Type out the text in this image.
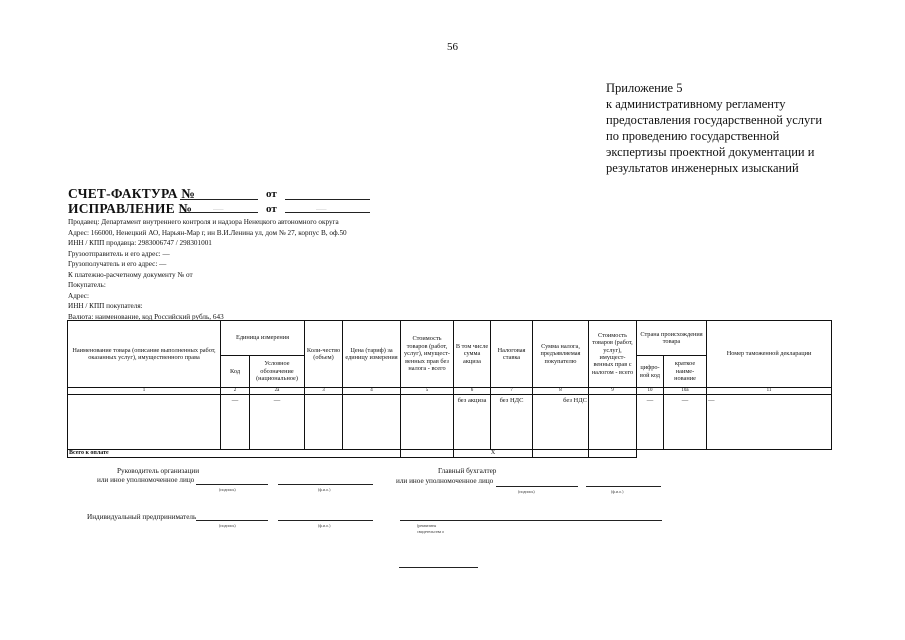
56
Приложение 5
к административному регламенту
предоставления государственной услуги
по проведению государственной
экспертизы проектной документации и
результатов инженерных изысканий
СЧЕТ-ФАКТУРА №	от
ИСПРАВЛЕНИЕ №	———	от	———
Продавец: Департамент внутреннего контроля и надзора Ненецкого автономного округа
Адрес: 166000, Ненецкий АО, Нарьян-Мар г, ин В.И.Ленина ул, дом № 27, корпус В, оф.50
ИНН / КПП продавца: 2983006747 / 298301001
Грузоотправитель и его адрес: —
Грузополучатель и его адрес: —
К платежно-расчетному документу № от
Покупатель:
Адрес:
ИНН / КПП покупателя:
Валюта: наименование, код Российский рубль, 643
Наименование товара (описание выполненных работ, оказанных услуг), имущественного права	Единица измерения		Коли-чество (объем)	Цена (тариф) за единицу измерения	Стоимость товаров (работ, услуг), имущест-венных прав без налога - всего	В том числе сумма акциза	Налоговая ставка	Сумма налога, предъявляемая покупателю	Стоимость товаров (работ, услуг), имущест-венных прав с налогом - всего	Страна происхождения товара		Номер таможенной декларации
	Код	Условное обозначение (национальное)								цифро-вой код	краткое наиме-нование	
1	2	2а	3	4	5	6	7	8	9	10	10а	11
	—	—				без акциза	без НДС	без НДС		—	—	—
Всего к оплате						X						
Руководитель организации
или иное уполномоченное лицо
(подпись)	(ф.и.о.)
Главный бухгалтер
или иное уполномоченное лицо
(подпись)	(ф.и.о.)
Индивидуальный предприниматель
(подпись)	(ф.и.о.)	(реквизиты
свидетельства о
